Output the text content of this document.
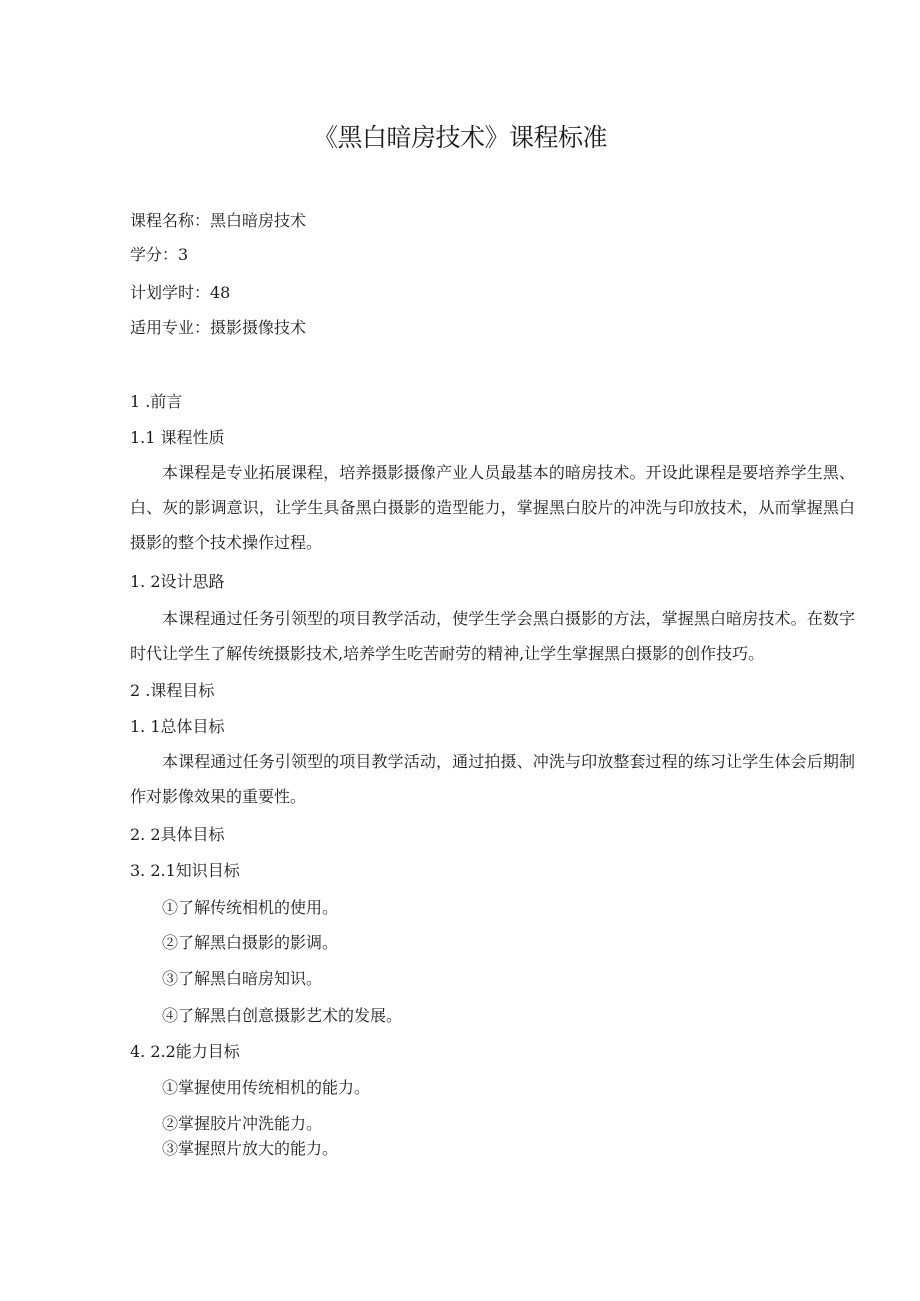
《黑白暗房技术》课程标准
课程名称：黑白暗房技术
学分：3
计划学时：48
适用专业：摄影摄像技术
1 .前言
1.1 课程性质
本课程是专业拓展课程，培养摄影摄像产业人员最基本的暗房技术。开设此课程是要培养学生黑、白、灰的影调意识，让学生具备黑白摄影的造型能力，掌握黑白胶片的冲洗与印放技术，从而掌握黑白摄影的整个技术操作过程。
1. 2设计思路
本课程通过任务引领型的项目教学活动，使学生学会黑白摄影的方法，掌握黑白暗房技术。在数字时代让学生了解传统摄影技术,培养学生吃苦耐劳的精神,让学生掌握黑白摄影的创作技巧。
2 .课程目标
1. 1总体目标
本课程通过任务引领型的项目教学活动，通过拍摄、冲洗与印放整套过程的练习让学生体会后期制作对影像效果的重要性。
2. 2具体目标
3. 2.1知识目标
①了解传统相机的使用。
②了解黑白摄影的影调。
③了解黑白暗房知识。
④了解黑白创意摄影艺术的发展。
4. 2.2能力目标
①掌握使用传统相机的能力。
②掌握胶片冲洗能力。
③掌握照片放大的能力。
